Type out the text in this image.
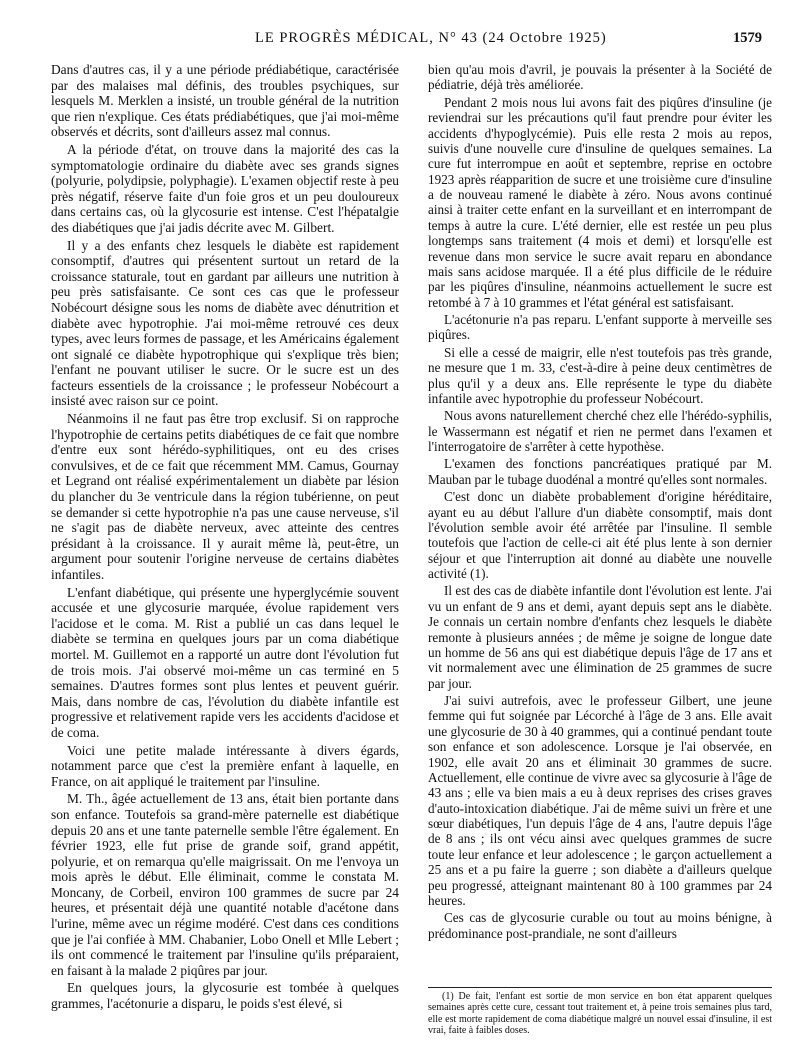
LE PROGRÈS MÉDICAL, N° 43 (24 Octobre 1925)	1579

Dans d'autres cas, il y a une période prédiabétique, caractérisée par des malaises mal définis, des troubles psychiques, sur lesquels M. Merklen a insisté, un trouble général de la nutrition que rien n'explique. Ces états prédiabétiques, que j'ai moi-même observés et décrits, sont d'ailleurs assez mal connus.

A la période d'état, on trouve dans la majorité des cas la symptomatologie ordinaire du diabète avec ses grands signes (polyurie, polydipsie, polyphagie). L'examen objectif reste à peu près négatif, réserve faite d'un foie gros et un peu douloureux dans certains cas, où la glycosurie est intense. C'est l'hépatalgie des diabétiques que j'ai jadis décrite avec M. Gilbert.

Il y a des enfants chez lesquels le diabète est rapidement consomptif, d'autres qui présentent surtout un retard de la croissance staturale, tout en gardant par ailleurs une nutrition à peu près satisfaisante. Ce sont ces cas que le professeur Nobécourt désigne sous les noms de diabète avec dénutrition et diabète avec hypotrophie. J'ai moi-même retrouvé ces deux types, avec leurs formes de passage, et les Américains également ont signalé ce diabète hypotrophique qui s'explique très bien; l'enfant ne pouvant utiliser le sucre. Or le sucre est un des facteurs essentiels de la croissance ; le professeur Nobécourt a insisté avec raison sur ce point.

Néanmoins il ne faut pas être trop exclusif. Si on rapproche l'hypotrophie de certains petits diabétiques de ce fait que nombre d'entre eux sont hérédo-syphilitiques, ont eu des crises convulsives, et de ce fait que récemment MM. Camus, Gournay et Legrand ont réalisé expérimentalement un diabète par lésion du plancher du 3e ventricule dans la région tubérienne, on peut se demander si cette hypotrophie n'a pas une cause nerveuse, s'il ne s'agit pas de diabète nerveux, avec atteinte des centres présidant à la croissance. Il y aurait même là, peut-être, un argument pour soutenir l'origine nerveuse de certains diabètes infantiles.

L'enfant diabétique, qui présente une hyperglycémie souvent accusée et une glycosurie marquée, évolue rapidement vers l'acidose et le coma. M. Rist a publié un cas dans lequel le diabète se termina en quelques jours par un coma diabétique mortel. M. Guillemot en a rapporté un autre dont l'évolution fut de trois mois. J'ai observé moi-même un cas terminé en 5 semaines. D'autres formes sont plus lentes et peuvent guérir. Mais, dans nombre de cas, l'évolution du diabète infantile est progressive et relativement rapide vers les accidents d'acidose et de coma.

Voici une petite malade intéressante à divers égards, notamment parce que c'est la première enfant à laquelle, en France, on ait appliqué le traitement par l'insuline.

M. Th., âgée actuellement de 13 ans, était bien portante dans son enfance. Toutefois sa grand-mère paternelle est diabétique depuis 20 ans et une tante paternelle semble l'être également. En février 1923, elle fut prise de grande soif, grand appétit, polyurie, et on remarqua qu'elle maigrissait. On me l'envoya un mois après le début. Elle éliminait, comme le constata M. Moncany, de Corbeil, environ 100 grammes de sucre par 24 heures, et présentait déjà une quantité notable d'acétone dans l'urine, même avec un régime modéré. C'est dans ces conditions que je l'ai confiée à MM. Chabanier, Lobo Onell et Mlle Lebert ; ils ont commencé le traitement par l'insuline qu'ils préparaient, en faisant à la malade 2 piqûres par jour.

En quelques jours, la glycosurie est tombée à quelques grammes, l'acétonurie a disparu, le poids s'est élevé, si

bien qu'au mois d'avril, je pouvais la présenter à la Société de pédiatrie, déjà très améliorée.

Pendant 2 mois nous lui avons fait des piqûres d'insuline (je reviendrai sur les précautions qu'il faut prendre pour éviter les accidents d'hypoglycémie). Puis elle resta 2 mois au repos, suivis d'une nouvelle cure d'insuline de quelques semaines. La cure fut interrompue en août et septembre, reprise en octobre 1923 après réapparition de sucre et une troisième cure d'insuline a de nouveau ramené le diabète à zéro. Nous avons continué ainsi à traiter cette enfant en la surveillant et en interrompant de temps à autre la cure. L'été dernier, elle est restée un peu plus longtemps sans traitement (4 mois et demi) et lorsqu'elle est revenue dans mon service le sucre avait reparu en abondance mais sans acidose marquée. Il a été plus difficile de le réduire par les piqûres d'insuline, néanmoins actuellement le sucre est retombé à 7 à 10 grammes et l'état général est satisfaisant.

L'acétonurie n'a pas reparu. L'enfant supporte à merveille ses piqûres.

Si elle a cessé de maigrir, elle n'est toutefois pas très grande, ne mesure que 1 m. 33, c'est-à-dire à peine deux centimètres de plus qu'il y a deux ans. Elle représente le type du diabète infantile avec hypotrophie du professeur Nobécourt.

Nous avons naturellement cherché chez elle l'hérédo-syphilis, le Wassermann est négatif et rien ne permet dans l'examen et l'interrogatoire de s'arrêter à cette hypothèse.

L'examen des fonctions pancréatiques pratiqué par M. Mauban par le tubage duodénal a montré qu'elles sont normales.

C'est donc un diabète probablement d'origine héréditaire, ayant eu au début l'allure d'un diabète consomptif, mais dont l'évolution semble avoir été arrêtée par l'insuline. Il semble toutefois que l'action de celle-ci ait été plus lente à son dernier séjour et que l'interruption ait donné au diabète une nouvelle activité (1).

Il est des cas de diabète infantile dont l'évolution est lente. J'ai vu un enfant de 9 ans et demi, ayant depuis sept ans le diabète. Je connais un certain nombre d'enfants chez lesquels le diabète remonte à plusieurs années ; de même je soigne de longue date un homme de 56 ans qui est diabétique depuis l'âge de 17 ans et vit normalement avec une élimination de 25 grammes de sucre par jour.

J'ai suivi autrefois, avec le professeur Gilbert, une jeune femme qui fut soignée par Lécorché à l'âge de 3 ans. Elle avait une glycosurie de 30 à 40 grammes, qui a continué pendant toute son enfance et son adolescence. Lorsque je l'ai observée, en 1902, elle avait 20 ans et éliminait 30 grammes de sucre. Actuellement, elle continue de vivre avec sa glycosurie à l'âge de 43 ans ; elle va bien mais a eu à deux reprises des crises graves d'auto-intoxication diabétique. J'ai de même suivi un frère et une sœur diabétiques, l'un depuis l'âge de 4 ans, l'autre depuis l'âge de 8 ans ; ils ont vécu ainsi avec quelques grammes de sucre toute leur enfance et leur adolescence ; le garçon actuellement a 25 ans et a pu faire la guerre ; son diabète a d'ailleurs quelque peu progressé, atteignant maintenant 80 à 100 grammes par 24 heures.

Ces cas de glycosurie curable ou tout au moins bénigne, à prédominance post-prandiale, ne sont d'ailleurs

(1) De fait, l'enfant est sortie de mon service en bon état apparent quelques semaines après cette cure, cessant tout traitement et, à peine trois semaines plus tard, elle est morte rapidement de coma diabétique malgré un nouvel essai d'insuline, il est vrai, faite à faibles doses.
